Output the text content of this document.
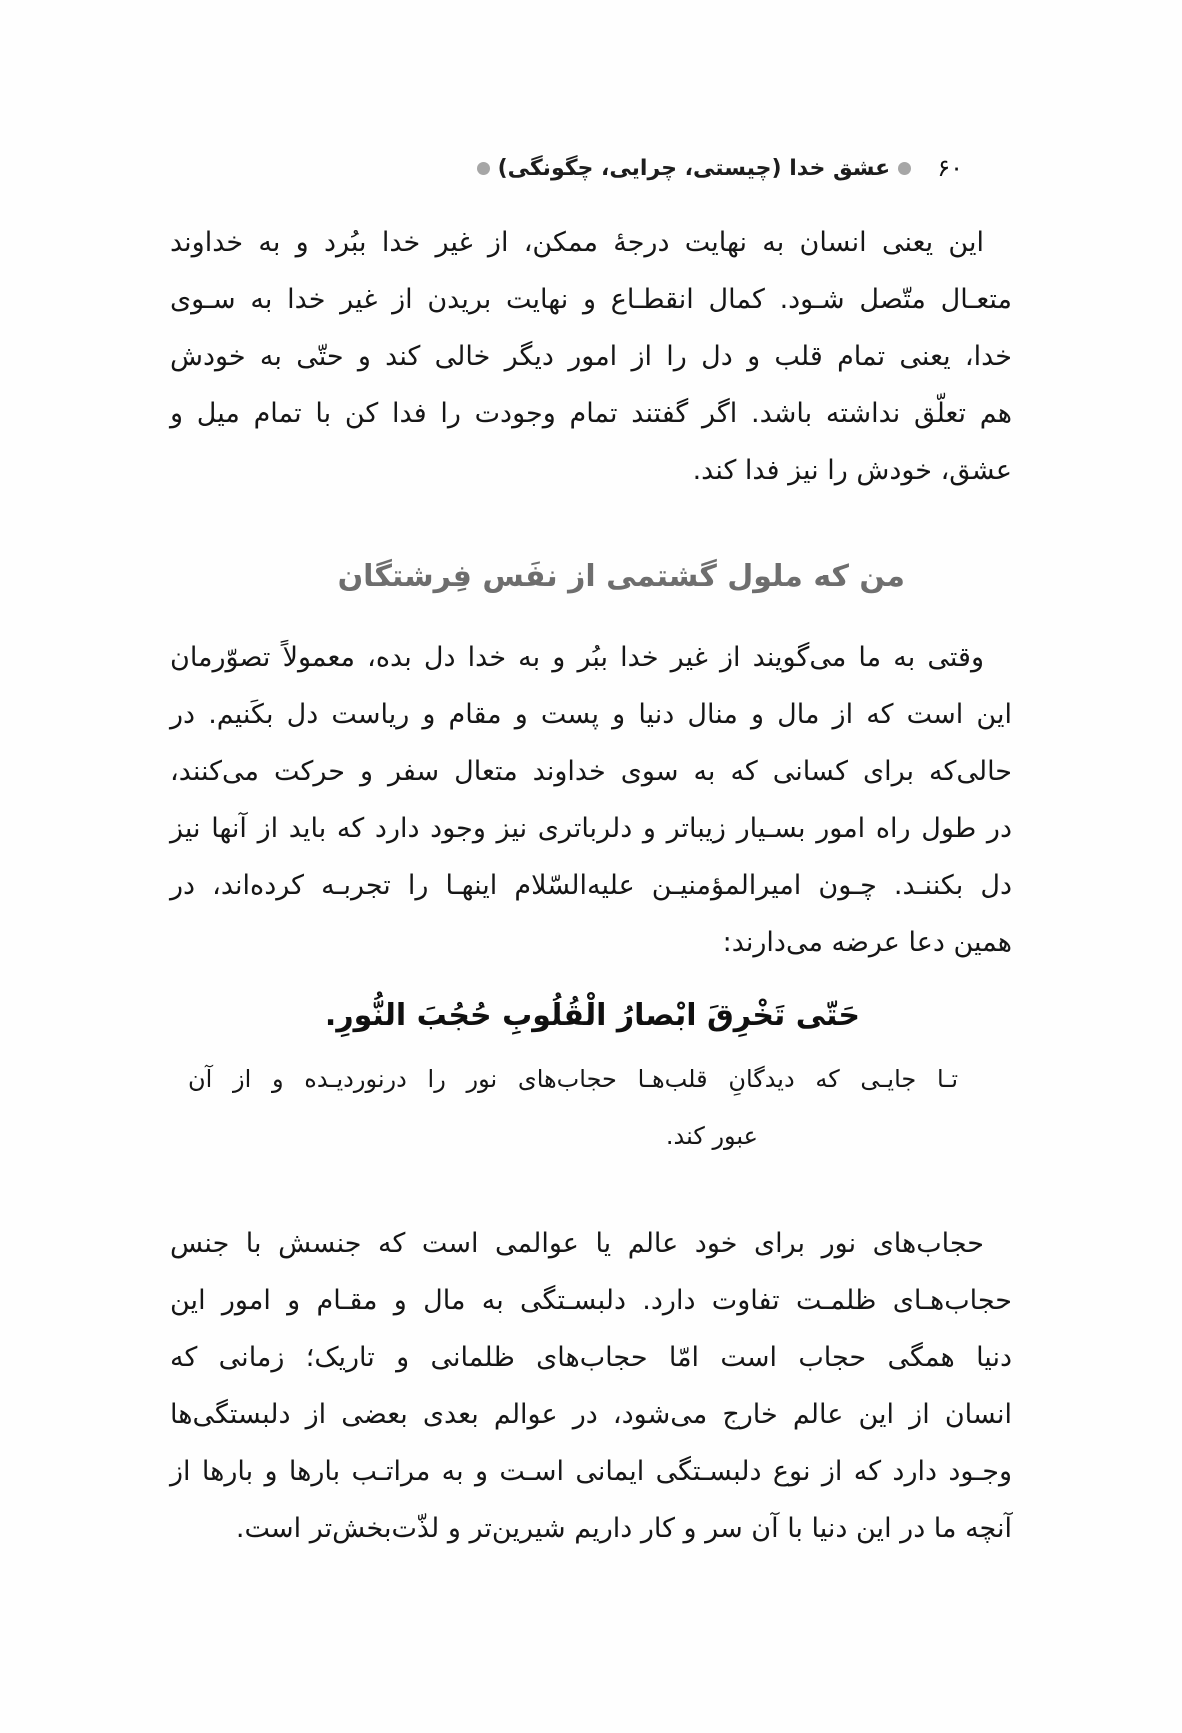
عشق خدا (چیستی، چرایی، چگونگی) ۶۰
این یعنی انسان به نهایت درجهٔ ممکن، از غیر خدا ببُرد و به خداوند
متعـال متّصل شـود. کمال انقطـاع و نهایت بریدن از غیر خدا به سـوی
خدا، یعنی تمام قلب و دل را از امور دیگر خالی کند و حتّی به خودش
هم تعلّق نداشته باشد. اگر گفتند تمام وجودت را فدا کن با تمام میل و
عشق، خودش را نیز فدا کند.
من که ملول گشتمی از نفَس فِرشتگان
وقتی به ما می‌گویند از غیر خدا ببُر و به خدا دل بده، معمولاً تصوّرمان
این است که از مال و منال دنیا و پست و مقام و ریاست دل بکَنیم. در
حالی‌که برای کسانی که به سوی خداوند متعال سفر و حرکت می‌کنند،
در طول راه امور بسـیار زیباتر و دلرباتری نیز وجود دارد که باید از آنها نیز
دل بکننـد. چـون امیرالمؤمنیـن علیه‌السّلام اینهـا را تجربـه کرده‌اند، در
همین دعا عرضه می‌دارند:
حَتّی تَخْرِقَ ابْصارُ الْقُلُوبِ حُجُبَ النُّورِ.
تـا جایـی که دیدگانِ قلب‌هـا حجاب‌های نور را درنوردیـده و از آن
عبور کند.
حجاب‌های نور برای خود عالم یا عوالمی است که جنسش با جنس
حجاب‌هـای ظلمـت تفاوت دارد. دلبسـتگی به مال و مقـام و امور این
دنیا همگی حجاب است امّا حجاب‌های ظلمانی و تاریک؛ زمانی که
انسان از این عالم خارج می‌شود، در عوالم بعدی بعضی از دلبستگی‌ها
وجـود دارد که از نوع دلبسـتگی ایمانی اسـت و به مراتـب بارها و بارها از
آنچه ما در این دنیا با آن سر و کار داریم شیرین‌تر و لذّت‌بخش‌تر است.
